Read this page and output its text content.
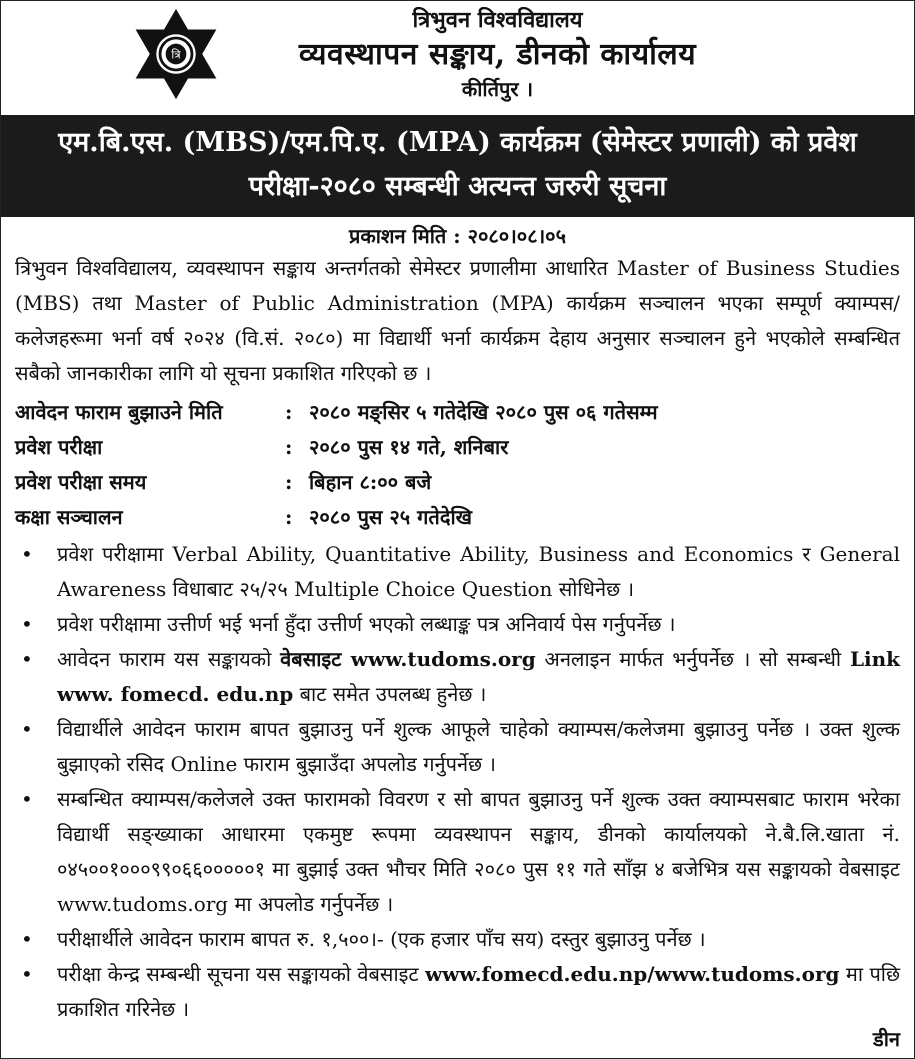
त्रि
त्रिभुवन विश्वविद्यालय
व्यवस्थापन सङ्काय, डीनको कार्यालय
कीर्तिपुर ।
एम.बि.एस. (MBS)/एम.पि.ए. (MPA) कार्यक्रम (सेमेस्टर प्रणाली) को प्रवेश
परीक्षा-२०८० सम्बन्धी अत्यन्त जरुरी सूचना
प्रकाशन मिति : २०८०।०८।०५
त्रिभुवन विश्वविद्यालय, व्यवस्थापन सङ्काय अन्तर्गतको सेमेस्टर प्रणालीमा आधारित Master of Business Studies (MBS) तथा Master of Public Administration (MPA) कार्यक्रम सञ्चालन भएका सम्पूर्ण क्याम्पस/कलेजहरूमा भर्ना वर्ष २०२४ (वि.सं. २०८०) मा विद्यार्थी भर्ना कार्यक्रम देहाय अनुसार सञ्चालन हुने भएकोले सम्बन्धित सबैको जानकारीका लागि यो सूचना प्रकाशित गरिएको छ ।
आवेदन फाराम बुझाउने मिति	: २०८० मङ्सिर ५ गतेदेखि २०८० पुस ०६ गतेसम्म
प्रवेश परीक्षा	: २०८० पुस १४ गते, शनिबार
प्रवेश परीक्षा समय	: बिहान ८:०० बजे
कक्षा सञ्चालन	: २०८० पुस २५ गतेदेखि
• प्रवेश परीक्षामा Verbal Ability, Quantitative Ability, Business and Economics र General Awareness विधाबाट २५/२५ Multiple Choice Question सोधिनेछ ।
• प्रवेश परीक्षामा उत्तीर्ण भई भर्ना हुँदा उत्तीर्ण भएको लब्धाङ्क पत्र अनिवार्य पेस गर्नुपर्नेछ ।
• आवेदन फाराम यस सङ्कायको वेबसाइट www.tudoms.org अनलाइन मार्फत भर्नुपर्नेछ । सो सम्बन्धी Link www. fomecd. edu.np बाट समेत उपलब्ध हुनेछ ।
• विद्यार्थीले आवेदन फाराम बापत बुझाउनु पर्ने शुल्क आफूले चाहेको क्याम्पस/कलेजमा बुझाउनु पर्नेछ । उक्त शुल्क बुझाएको रसिद Online फाराम बुझाउँदा अपलोड गर्नुपर्नेछ ।
• सम्बन्धित क्याम्पस/कलेजले उक्त फारामको विवरण र सो बापत बुझाउनु पर्ने शुल्क उक्त क्याम्पसबाट फाराम भरेका विद्यार्थी सङ्ख्याका आधारमा एकमुष्ट रूपमा व्यवस्थापन सङ्काय, डीनको कार्यालयको ने.बै.लि.खाता नं. ०४५००१०००९९०६६०००००१ मा बुझाई उक्त भौचर मिति २०८० पुस ११ गते साँझ ४ बजेभित्र यस सङ्कायको वेबसाइट www.tudoms.org मा अपलोड गर्नुपर्नेछ ।
• परीक्षार्थीले आवेदन फाराम बापत रु. १,५००।- (एक हजार पाँच सय) दस्तुर बुझाउनु पर्नेछ ।
• परीक्षा केन्द्र सम्बन्धी सूचना यस सङ्कायको वेबसाइट www.fomecd.edu.np/www.tudoms.org मा पछि प्रकाशित गरिनेछ ।
डीन
